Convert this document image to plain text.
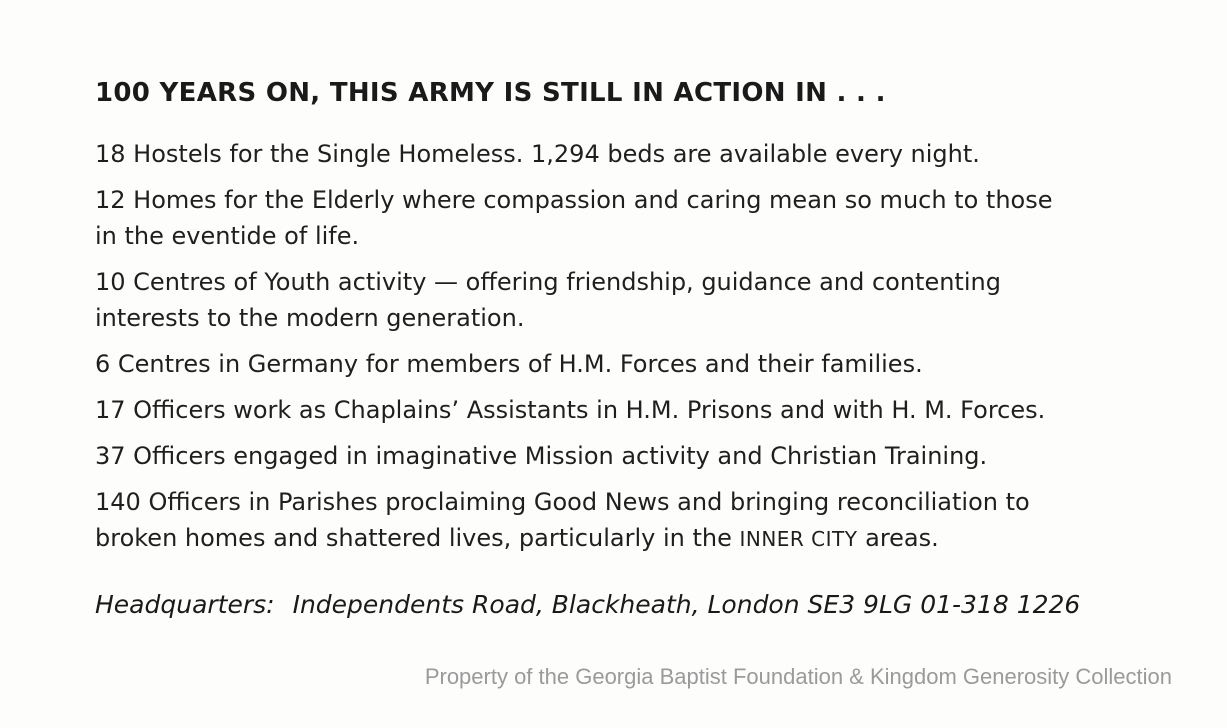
100 YEARS ON, THIS ARMY IS STILL IN ACTION IN . . .
18 Hostels for the Single Homeless. 1,294 beds are available every night.
12 Homes for the Elderly where compassion and caring mean so much to those
in the eventide of life.
10 Centres of Youth activity — offering friendship, guidance and contenting
interests to the modern generation.
6 Centres in Germany for members of H.M. Forces and their families.
17 Officers work as Chaplains’ Assistants in H.M. Prisons and with H. M. Forces.
37 Officers engaged in imaginative Mission activity and Christian Training.
140 Officers in Parishes proclaiming Good News and bringing reconciliation to
broken homes and shattered lives, particularly in the INNER CITY areas.
Headquarters: Independents Road, Blackheath, London SE3 9LG 01-318 1226
Property of the Georgia Baptist Foundation & Kingdom Generosity Collection
